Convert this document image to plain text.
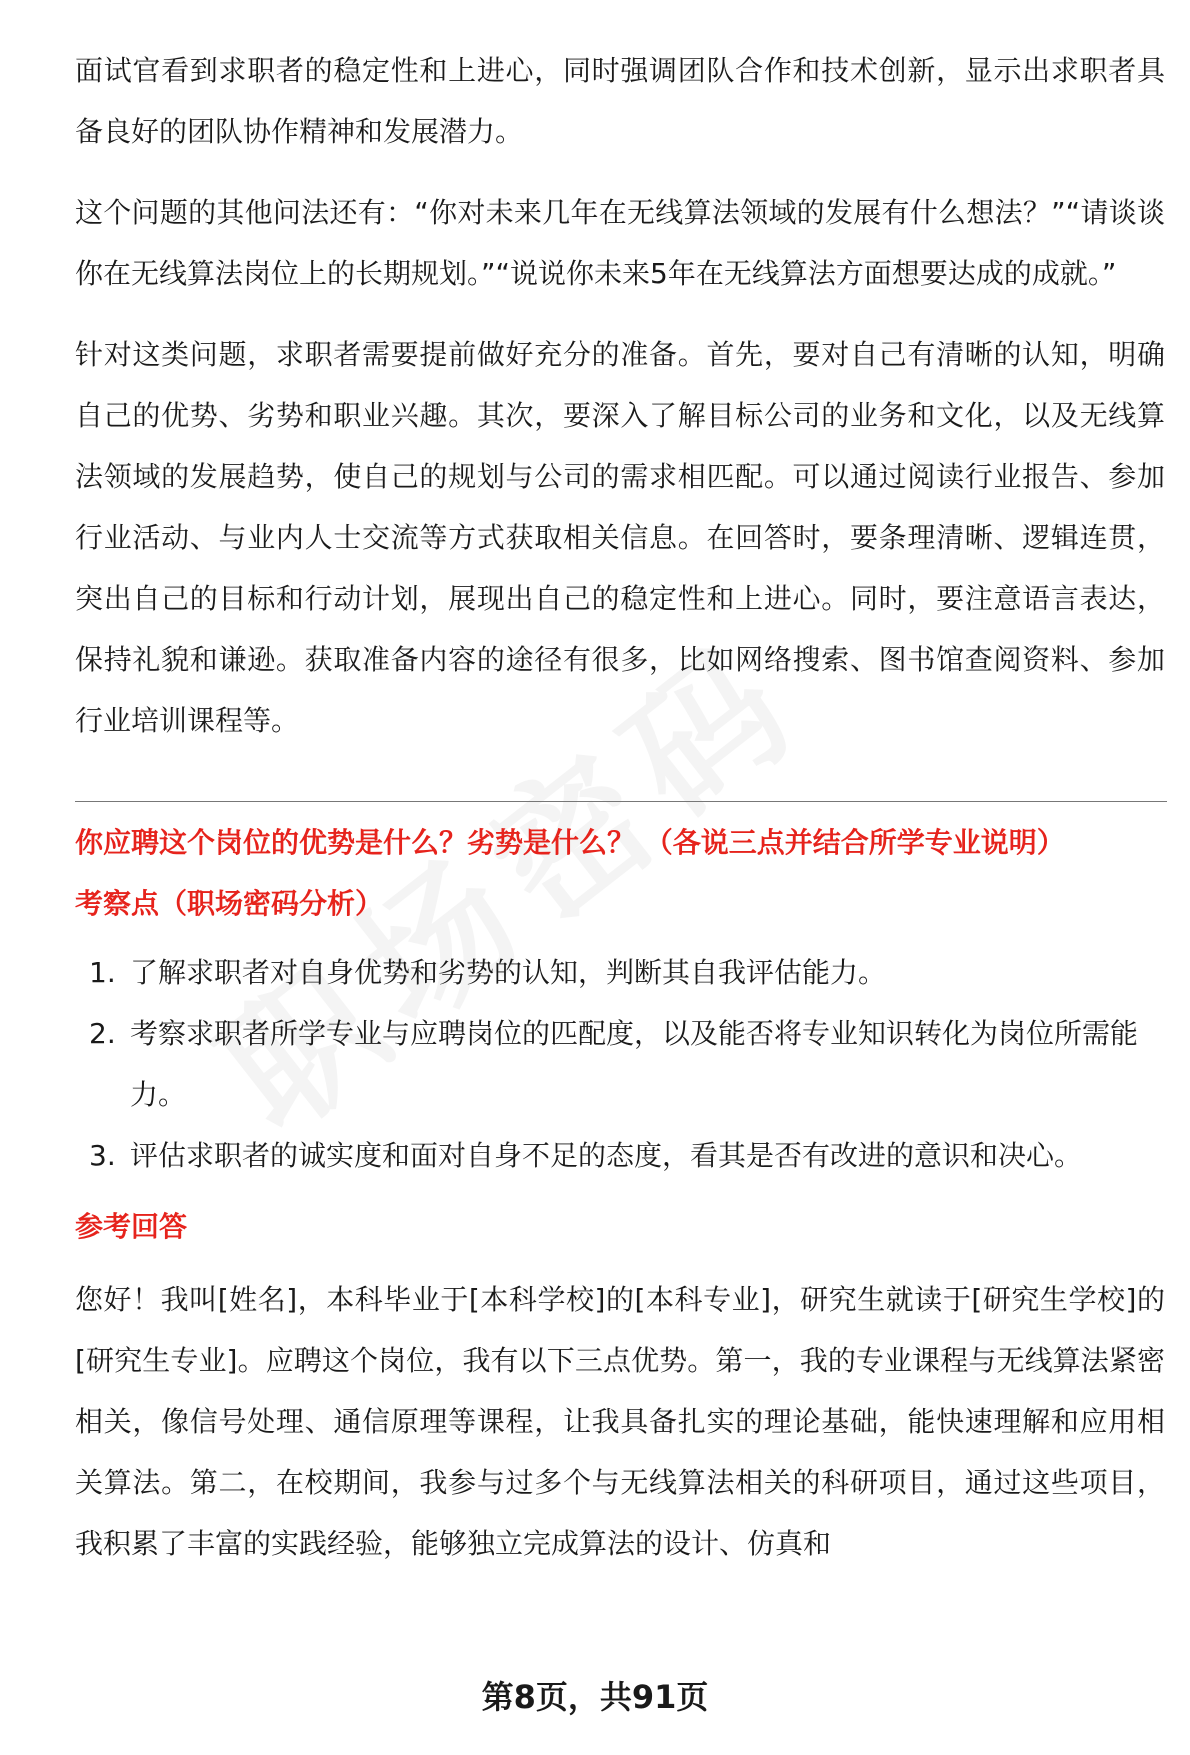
面试官看到求职者的稳定性和上进心，同时强调团队合作和技术创新，显示出求职者具备良好的团队协作精神和发展潜力。

这个问题的其他问法还有：“你对未来几年在无线算法领域的发展有什么想法？”“请谈谈你在无线算法岗位上的长期规划。”“说说你未来5年在无线算法方面想要达成的成就。”

针对这类问题，求职者需要提前做好充分的准备。首先，要对自己有清晰的认知，明确自己的优势、劣势和职业兴趣。其次，要深入了解目标公司的业务和文化，以及无线算法领域的发展趋势，使自己的规划与公司的需求相匹配。可以通过阅读行业报告、参加行业活动、与业内人士交流等方式获取相关信息。在回答时，要条理清晰、逻辑连贯，突出自己的目标和行动计划，展现出自己的稳定性和上进心。同时，要注意语言表达，保持礼貌和谦逊。获取准备内容的途径有很多，比如网络搜索、图书馆查阅资料、参加行业培训课程等。

你应聘这个岗位的优势是什么？劣势是什么？ （各说三点并结合所学专业说明）

考察点（职场密码分析）

1. 了解求职者对自身优势和劣势的认知，判断其自我评估能力。
2. 考察求职者所学专业与应聘岗位的匹配度，以及能否将专业知识转化为岗位所需能力。
3. 评估求职者的诚实度和面对自身不足的态度，看其是否有改进的意识和决心。

参考回答

您好！我叫[姓名]，本科毕业于[本科学校]的[本科专业]，研究生就读于[研究生学校]的[研究生专业]。应聘这个岗位，我有以下三点优势。第一，我的专业课程与无线算法紧密相关，像信号处理、通信原理等课程，让我具备扎实的理论基础，能快速理解和应用相关算法。第二，在校期间，我参与过多个与无线算法相关的科研项目，通过这些项目，我积累了丰富的实践经验，能够独立完成算法的设计、仿真和

第8页，共91页
